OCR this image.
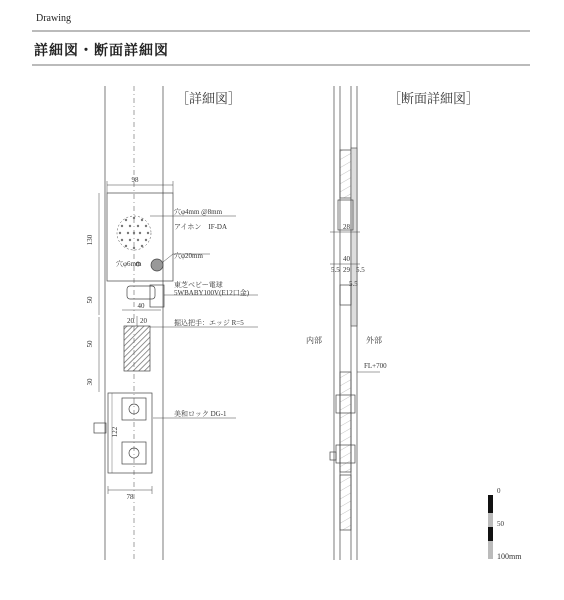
Drawing
詳細図・断面詳細図
［詳細図］
98
130
穴φ4mm @8mm
アイホン　IF-DA
穴φ20mm
穴φ6mm
50
東芝ベビー電球
5WBABY100V(E12口金)
40
20 20	掘込把手：エッジ R=5
50
30
美和ロック DG-1
122
78
［断面詳細図］
28
40
5.5 29 5.5
5.5
内部	外部
FL+700
0
50
100mm
